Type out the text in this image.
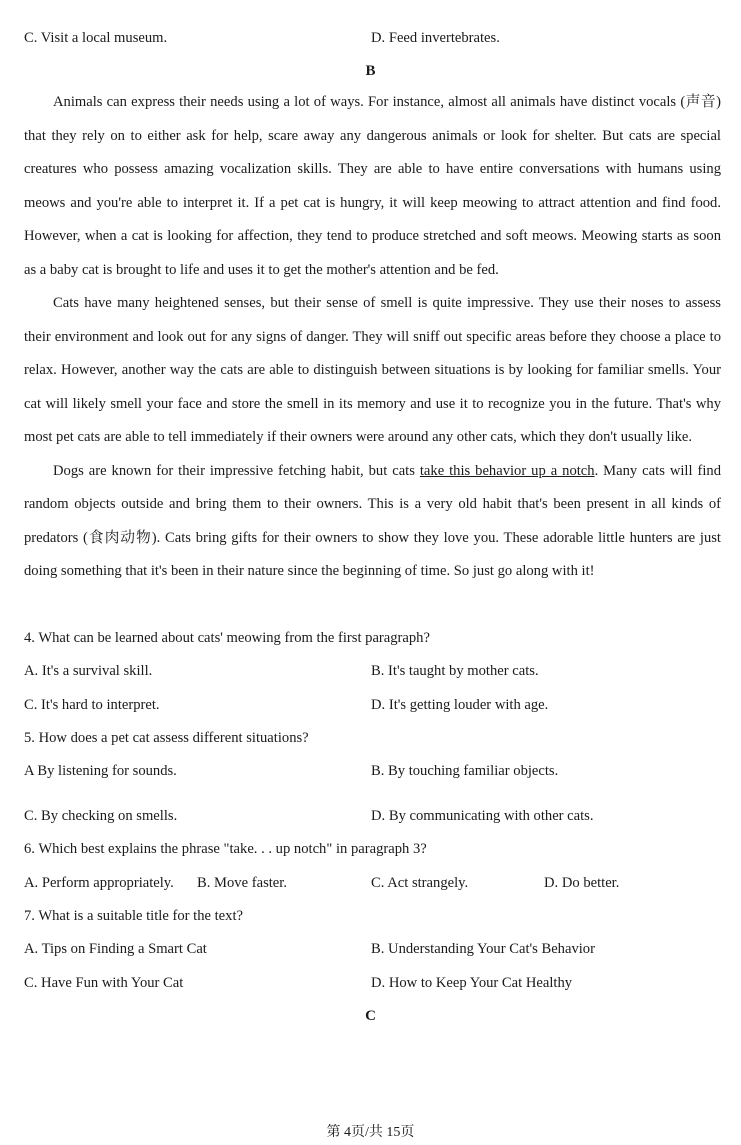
C. Visit a local museum.	D. Feed invertebrates.
B

Animals can express their needs using a lot of ways. For instance, almost all animals have distinct vocals (声音) that they rely on to either ask for help, scare away any dangerous animals or look for shelter. But cats are special creatures who possess amazing vocalization skills. They are able to have entire conversations with humans using meows and you're able to interpret it. If a pet cat is hungry, it will keep meowing to attract attention and find food. However, when a cat is looking for affection, they tend to produce stretched and soft meows. Meowing starts as soon as a baby cat is brought to life and uses it to get the mother's attention and be fed.

Cats have many heightened senses, but their sense of smell is quite impressive. They use their noses to assess their environment and look out for any signs of danger. They will sniff out specific areas before they choose a place to relax. However, another way the cats are able to distinguish between situations is by looking for familiar smells. Your cat will likely smell your face and store the smell in its memory and use it to recognize you in the future. That's why most pet cats are able to tell immediately if their owners were around any other cats, which they don't usually like.

Dogs are known for their impressive fetching habit, but cats take this behavior up a notch. Many cats will find random objects outside and bring them to their owners. This is a very old habit that's been present in all kinds of predators (食肉动物). Cats bring gifts for their owners to show they love you. These adorable little hunters are just doing something that it's been in their nature since the beginning of time. So just go along with it!

4. What can be learned about cats' meowing from the first paragraph?
A. It's a survival skill.	B. It's taught by mother cats.
C. It's hard to interpret.	D. It's getting louder with age.
5. How does a pet cat assess different situations?
A By listening for sounds.	B. By touching familiar objects.
C. By checking on smells.	D. By communicating with other cats.
6. Which best explains the phrase "take. . . up notch" in paragraph 3?
A. Perform appropriately. B. Move faster.	C. Act strangely.	D. Do better.
7. What is a suitable title for the text?
A. Tips on Finding a Smart Cat	B. Understanding Your Cat's Behavior
C. Have Fun with Your Cat	D. How to Keep Your Cat Healthy
C
第 4页/共 15页
